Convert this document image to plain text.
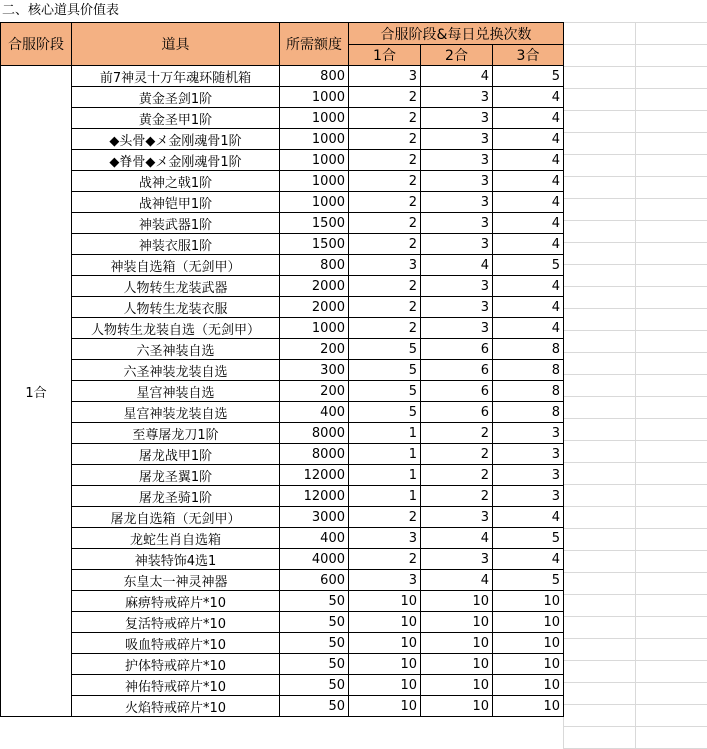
二、核心道具价值表
合服阶段	道具	所需额度	合服阶段&每日兑换次数		
			1合	2合	3合
1合	前7神灵十万年魂环随机箱	800	3	4	5
	黄金圣剑1阶	1000	2	3	4
	黄金圣甲1阶	1000	2	3	4
	◆头骨◆メ金刚魂骨1阶	1000	2	3	4
	◆脊骨◆メ金刚魂骨1阶	1000	2	3	4
	战神之戟1阶	1000	2	3	4
	战神铠甲1阶	1000	2	3	4
	神装武器1阶	1500	2	3	4
	神装衣服1阶	1500	2	3	4
	神装自选箱（无剑甲）	800	3	4	5
	人物转生龙装武器	2000	2	3	4
	人物转生龙装衣服	2000	2	3	4
	人物转生龙装自选（无剑甲）	1000	2	3	4
	六圣神装自选	200	5	6	8
	六圣神装龙装自选	300	5	6	8
	星宫神装自选	200	5	6	8
	星宫神装龙装自选	400	5	6	8
	至尊屠龙刀1阶	8000	1	2	3
	屠龙战甲1阶	8000	1	2	3
	屠龙圣翼1阶	12000	1	2	3
	屠龙圣骑1阶	12000	1	2	3
	屠龙自选箱（无剑甲）	3000	2	3	4
	龙蛇生肖自选箱	400	3	4	5
	神装特饰4选1	4000	2	3	4
	东皇太一神灵神器	600	3	4	5
	麻痹特戒碎片*10	50	10	10	10
	复活特戒碎片*10	50	10	10	10
	吸血特戒碎片*10	50	10	10	10
	护体特戒碎片*10	50	10	10	10
	神佑特戒碎片*10	50	10	10	10
	火焰特戒碎片*10	50	10	10	10
